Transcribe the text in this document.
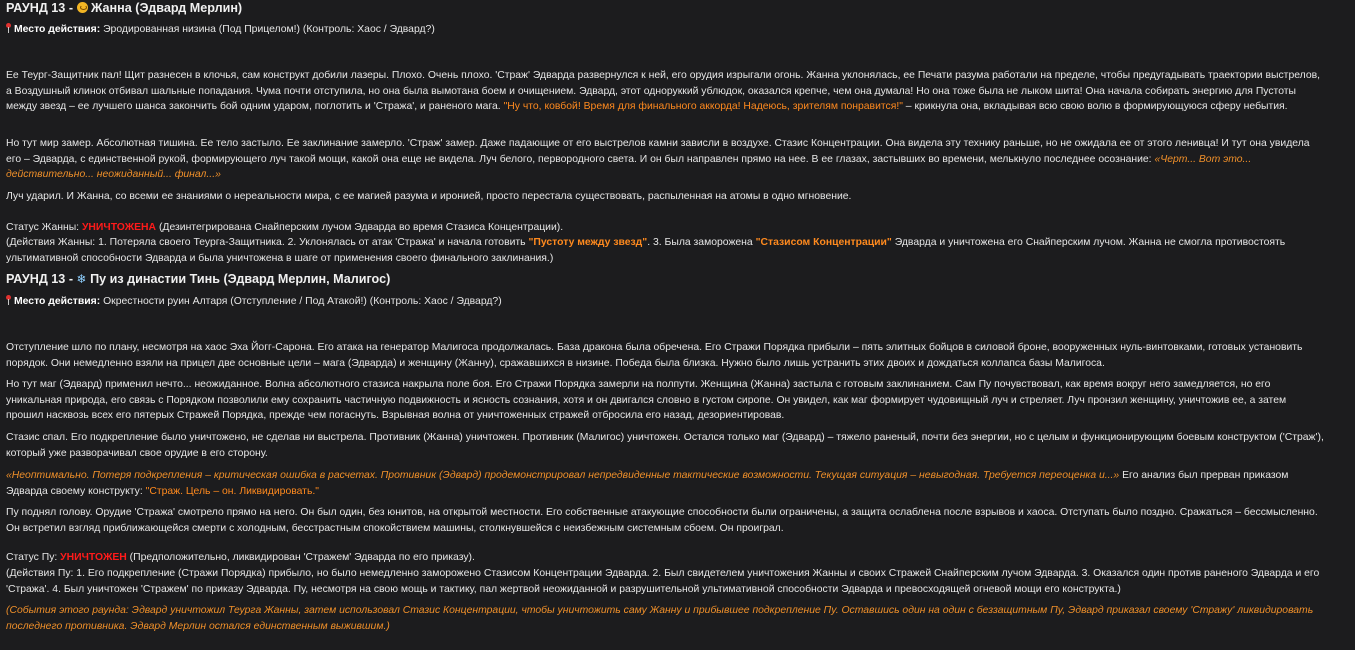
РАУНД 13 - Жанна (Эдвард Мерлин)
Место действия: Эродированная низина (Под Прицелом!) (Контроль: Хаос / Эдвард?)
Ее Теург-Защитник пал! Щит разнесен в клочья, сам конструкт добили лазеры. Плохо. Очень плохо. 'Страж' Эдварда развернулся к ней, его орудия изрыгали огонь. Жанна уклонялась, ее Печати разума работали на пределе, чтобы предугадывать траектории выстрелов, а Воздушный клинок отбивал шальные попадания. Чума почти отступила, но она была вымотана боем и очищением. Эдвард, этот одноруккий ублюдок, оказался крепче, чем она думала! Но она тоже была не лыком шита! Она начала собирать энергию для Пустоты между звезд – ее лучшего шанса закончить бой одним ударом, поглотить и 'Стража', и раненого мага. "Ну что, ковбой! Время для финального аккорда! Надеюсь, зрителям понравится!" – крикнула она, вкладывая всю свою волю в формирующуюся сферу небытия.
Но тут мир замер. Абсолютная тишина. Ее тело застыло. Ее заклинание замерло. 'Страж' замер. Даже падающие от его выстрелов камни зависли в воздухе. Стазис Концентрации. Она видела эту технику раньше, но не ожидала ее от этого ленивца! И тут она увидела его – Эдварда, с единственной рукой, формирующего луч такой мощи, какой она еще не видела. Луч белого, первородного света. И он был направлен прямо на нее. В ее глазах, застывших во времени, мелькнуло последнее осознание: «Черт... Вот это... действительно... неожиданный... финал...»
Луч ударил. И Жанна, со всеми ее знаниями о нереальности мира, с ее магией разума и иронией, просто перестала существовать, распыленная на атомы в одно мгновение.
Статус Жанны: УНИЧТОЖЕНА (Дезинтегрирована Снайперским лучом Эдварда во время Стазиса Концентрации).
(Действия Жанны: 1. Потеряла своего Теурга-Защитника. 2. Уклонялась от атак 'Стража' и начала готовить "Пустоту между звезд". 3. Была заморожена "Стазисом Концентрации" Эдварда и уничтожена его Снайперским лучом. Жанна не смогла противостоять ультимативной способности Эдварда и была уничтожена в шаге от применения своего финального заклинания.)
РАУНД 13 - ❄ Пу из династии Тинь (Эдвард Мерлин, Малигос)
Место действия: Окрестности руин Алтаря (Отступление / Под Атакой!) (Контроль: Хаос / Эдвард?)
Отступление шло по плану, несмотря на хаос Эха Йогг-Сарона. Его атака на генератор Малигоса продолжалась. База дракона была обречена. Его Стражи Порядка прибыли – пять элитных бойцов в силовой броне, вооруженных нуль-винтовками, готовых установить порядок. Они немедленно взяли на прицел две основные цели – мага (Эдварда) и женщину (Жанну), сражавшихся в низине. Победа была близка. Нужно было лишь устранить этих двоих и дождаться коллапса базы Малигоса.
Но тут маг (Эдвард) применил нечто... неожиданное. Волна абсолютного стазиса накрыла поле боя. Его Стражи Порядка замерли на полпути. Женщина (Жанна) застыла с готовым заклинанием. Сам Пу почувствовал, как время вокруг него замедляется, но его уникальная природа, его связь с Порядком позволили ему сохранить частичную подвижность и ясность сознания, хотя и он двигался словно в густом сиропе. Он увидел, как маг формирует чудовищный луч и стреляет. Луч пронзил женщину, уничтожив ее, а затем прошил насквозь всех его пятерых Стражей Порядка, прежде чем погаснуть. Взрывная волна от уничтоженных стражей отбросила его назад, дезориентировав.
Стазис спал. Его подкрепление было уничтожено, не сделав ни выстрела. Противник (Жанна) уничтожен. Противник (Малигос) уничтожен. Остался только маг (Эдвард) – тяжело раненый, почти без энергии, но с целым и функционирующим боевым конструктом ('Страж'), который уже разворачивал свое орудие в его сторону.
«Неоптимально. Потеря подкрепления – критическая ошибка в расчетах. Противник (Эдвард) продемонстрировал непредвиденные тактические возможности. Текущая ситуация – невыгодная. Требуется переоценка и...» Его анализ был прерван приказом Эдварда своему конструкту: "Страж. Цель – он. Ликвидировать."
Пу поднял голову. Орудие 'Стража' смотрело прямо на него. Он был один, без юнитов, на открытой местности. Его собственные атакующие способности были ограничены, а защита ослаблена после взрывов и хаоса. Отступать было поздно. Сражаться – бессмысленно. Он встретил взгляд приближающейся смерти с холодным, бесстрастным спокойствием машины, столкнувшейся с неизбежным системным сбоем. Он проиграл.
Статус Пу: УНИЧТОЖЕН (Предположительно, ликвидирован 'Стражем' Эдварда по его приказу).
(Действия Пу: 1. Его подкрепление (Стражи Порядка) прибыло, но было немедленно заморожено Стазисом Концентрации Эдварда. 2. Был свидетелем уничтожения Жанны и своих Стражей Снайперским лучом Эдварда. 3. Оказался один против раненого Эдварда и его 'Стража'. 4. Был уничтожен 'Стражем' по приказу Эдварда. Пу, несмотря на свою мощь и тактику, пал жертвой неожиданной и разрушительной ультимативной способности Эдварда и превосходящей огневой мощи его конструкта.)
(События этого раунда: Эдвард уничтожил Теурга Жанны, затем использовал Стазис Концентрации, чтобы уничтожить саму Жанну и прибывшее подкрепление Пу. Оставшись один на один с беззащитным Пу, Эдвард приказал своему 'Стражу' ликвидировать последнего противника. Эдвард Мерлин остался единственным выжившим.)
